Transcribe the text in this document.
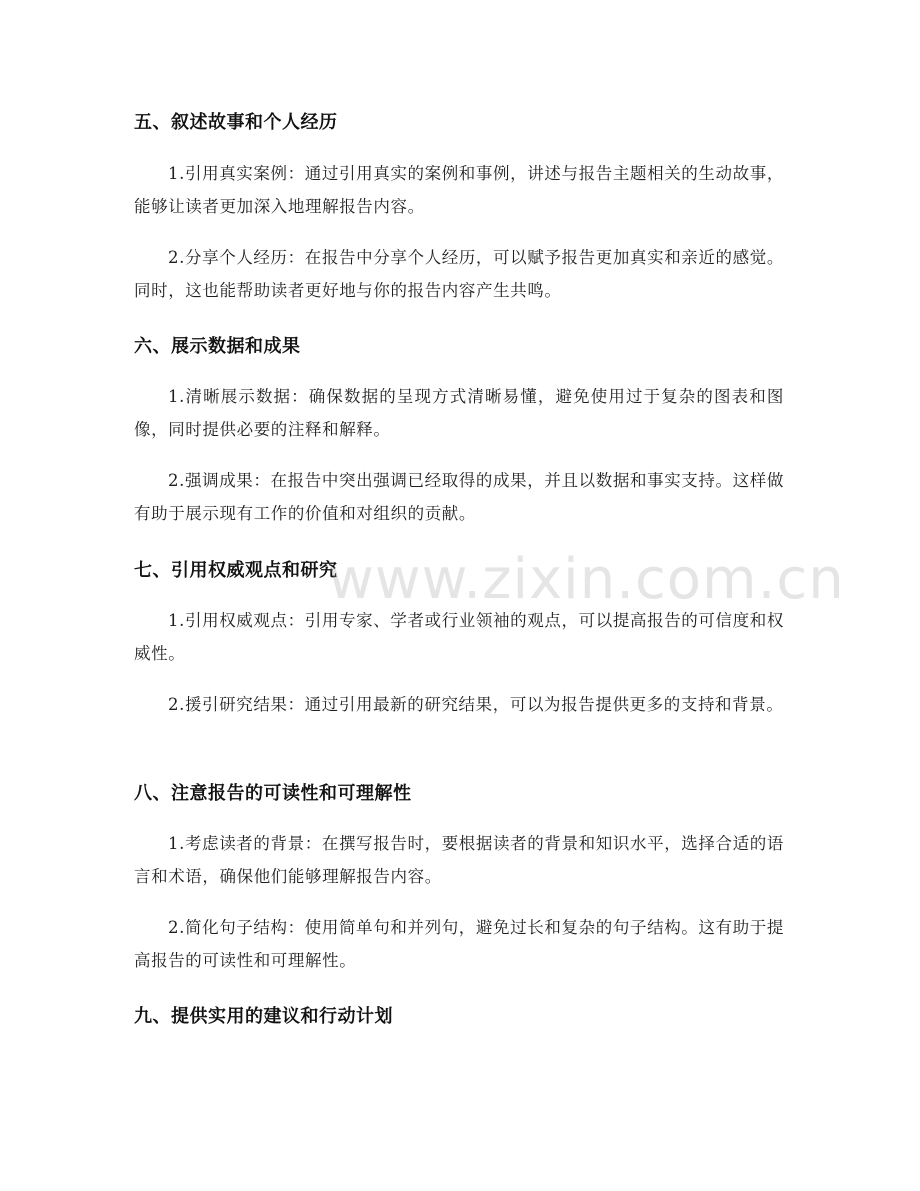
五、叙述故事和个人经历
1.引用真实案例：通过引用真实的案例和事例，讲述与报告主题相关的生动故事，能够让读者更加深入地理解报告内容。
2.分享个人经历：在报告中分享个人经历，可以赋予报告更加真实和亲近的感觉。同时，这也能帮助读者更好地与你的报告内容产生共鸣。
六、展示数据和成果
1.清晰展示数据：确保数据的呈现方式清晰易懂，避免使用过于复杂的图表和图像，同时提供必要的注释和解释。
2.强调成果：在报告中突出强调已经取得的成果，并且以数据和事实支持。这样做有助于展示现有工作的价值和对组织的贡献。
七、引用权威观点和研究
1.引用权威观点：引用专家、学者或行业领袖的观点，可以提高报告的可信度和权威性。
2.援引研究结果：通过引用最新的研究结果，可以为报告提供更多的支持和背景。
八、注意报告的可读性和可理解性
1.考虑读者的背景：在撰写报告时，要根据读者的背景和知识水平，选择合适的语言和术语，确保他们能够理解报告内容。
2.简化句子结构：使用简单句和并列句，避免过长和复杂的句子结构。这有助于提高报告的可读性和可理解性。
九、提供实用的建议和行动计划
www.zixin.com.cn
